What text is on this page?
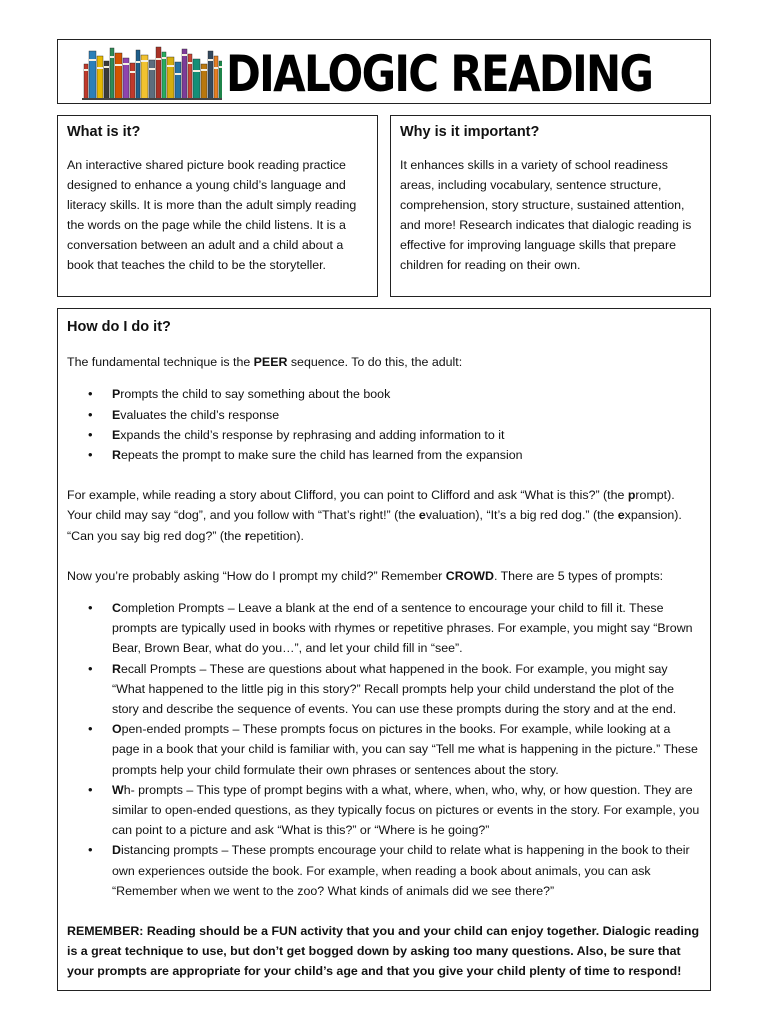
DIALOGIC READING
What is it?
An interactive shared picture book reading practice designed to enhance a young child’s language and literacy skills. It is more than the adult simply reading the words on the page while the child listens. It is a conversation between an adult and a child about a book that teaches the child to be the storyteller.
Why is it important?
It enhances skills in a variety of school readiness areas, including vocabulary, sentence structure, comprehension, story structure, sustained attention, and more! Research indicates that dialogic reading is effective for improving language skills that prepare children for reading on their own.
How do I do it?

The fundamental technique is the PEER sequence. To do this, the adult:

• Prompts the child to say something about the book
• Evaluates the child’s response
• Expands the child’s response by rephrasing and adding information to it
• Repeats the prompt to make sure the child has learned from the expansion

For example, while reading a story about Clifford, you can point to Clifford and ask “What is this?” (the prompt). Your child may say “dog”, and you follow with “That’s right!” (the evaluation), “It’s a big red dog.” (the expansion). “Can you say big red dog?” (the repetition).

Now you’re probably asking “How do I prompt my child?” Remember CROWD. There are 5 types of prompts:

• Completion Prompts – Leave a blank at the end of a sentence to encourage your child to fill it. These prompts are typically used in books with rhymes or repetitive phrases. For example, you might say “Brown Bear, Brown Bear, what do you…”, and let your child fill in “see”.
• Recall Prompts – These are questions about what happened in the book. For example, you might say “What happened to the little pig in this story?” Recall prompts help your child understand the plot of the story and describe the sequence of events. You can use these prompts during the story and at the end.
• Open-ended prompts – These prompts focus on pictures in the books. For example, while looking at a page in a book that your child is familiar with, you can say “Tell me what is happening in the picture.” These prompts help your child formulate their own phrases or sentences about the story.
• Wh- prompts – This type of prompt begins with a what, where, when, who, why, or how question. They are similar to open-ended questions, as they typically focus on pictures or events in the story. For example, you can point to a picture and ask “What is this?” or “Where is he going?”
• Distancing prompts – These prompts encourage your child to relate what is happening in the book to their own experiences outside the book. For example, when reading a book about animals, you can ask “Remember when we went to the zoo? What kinds of animals did we see there?”

REMEMBER: Reading should be a FUN activity that you and your child can enjoy together. Dialogic reading is a great technique to use, but don’t get bogged down by asking too many questions. Also, be sure that your prompts are appropriate for your child’s age and that you give your child plenty of time to respond!
